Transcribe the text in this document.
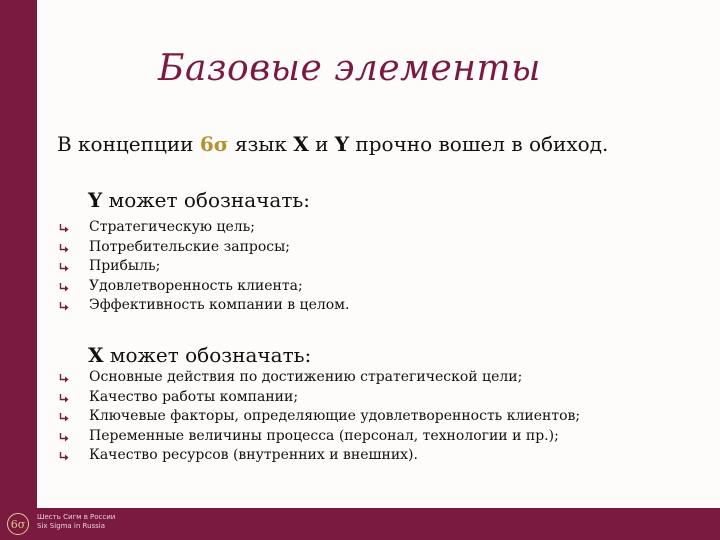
Базовые элементы
В концепции 6σ язык X и Y прочно вошел в обиход.
Y может обозначать:
Стратегическую цель;
Потребительские запросы;
Прибыль;
Удовлетворенность клиента;
Эффективность компании в целом.
X может обозначать:
Основные действия по достижению стратегической цели;
Качество работы компании;
Ключевые факторы, определяющие удовлетворенность клиентов;
Переменные величины процесса (персонал, технологии и пр.);
Качество ресурсов (внутренних и внешних).
6σ
Шесть Сигм в России
Six Sigma in Russia
